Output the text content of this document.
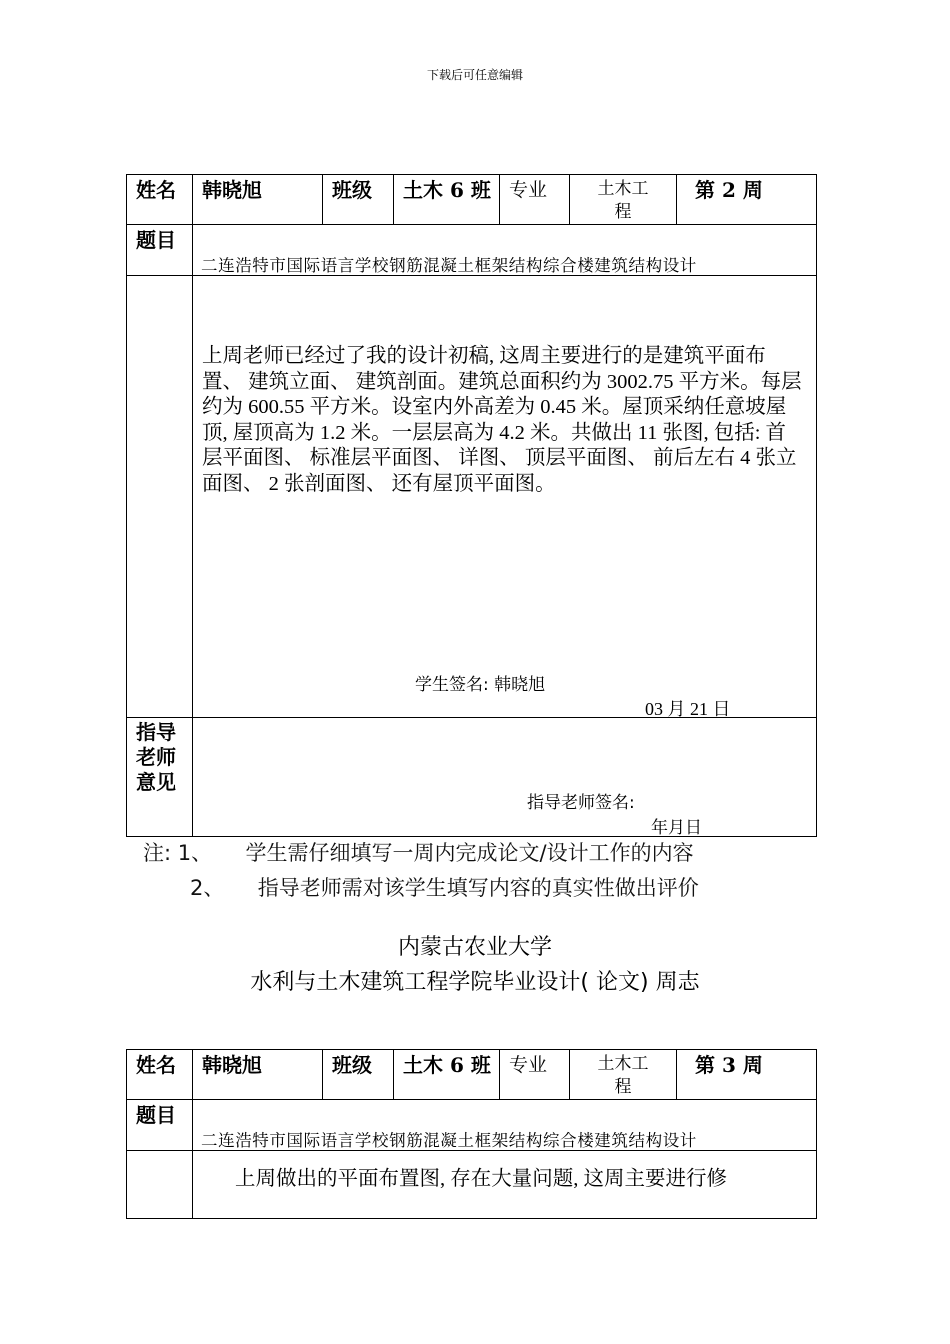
下载后可任意编辑
姓名	韩晓旭	班级	土木 6 班	专业	土木工程	第 2 周

题目	二连浩特市国际语言学校钢筋混凝土框架结构综合楼建筑结构设计					

	上周老师已经过了我的设计初稿, 这周主要进行的是建筑平面布置、 建筑立面、 建筑剖面。建筑总面积约为 3002.75 平方米。每层约为 600.55 平方米。设室内外高差为 0.45 米。屋顶采纳任意坡屋顶, 屋顶高为 1.2 米。一层层高为 4.2 米。共做出 11 张图, 包括: 首层平面图、 标准层平面图、 详图、 顶层平面图、 前后左右 4 张立面图、 2 张剖面图、 还有屋顶平面图。
学生签名: 韩晓旭
03 月 21 日					

指导老师意见	指导老师签名:
年月日					
注: 1、 学生需仔细填写一周内完成论文/设计工作的内容
2、 指导老师需对该学生填写内容的真实性做出评价
内蒙古农业大学
水利与土木建筑工程学院毕业设计( 论文) 周志
姓名	韩晓旭	班级	土木 6 班	专业	土木工程	第 3 周

题目	二连浩特市国际语言学校钢筋混凝土框架结构综合楼建筑结构设计					

	上周做出的平面布置图, 存在大量问题, 这周主要进行修					
